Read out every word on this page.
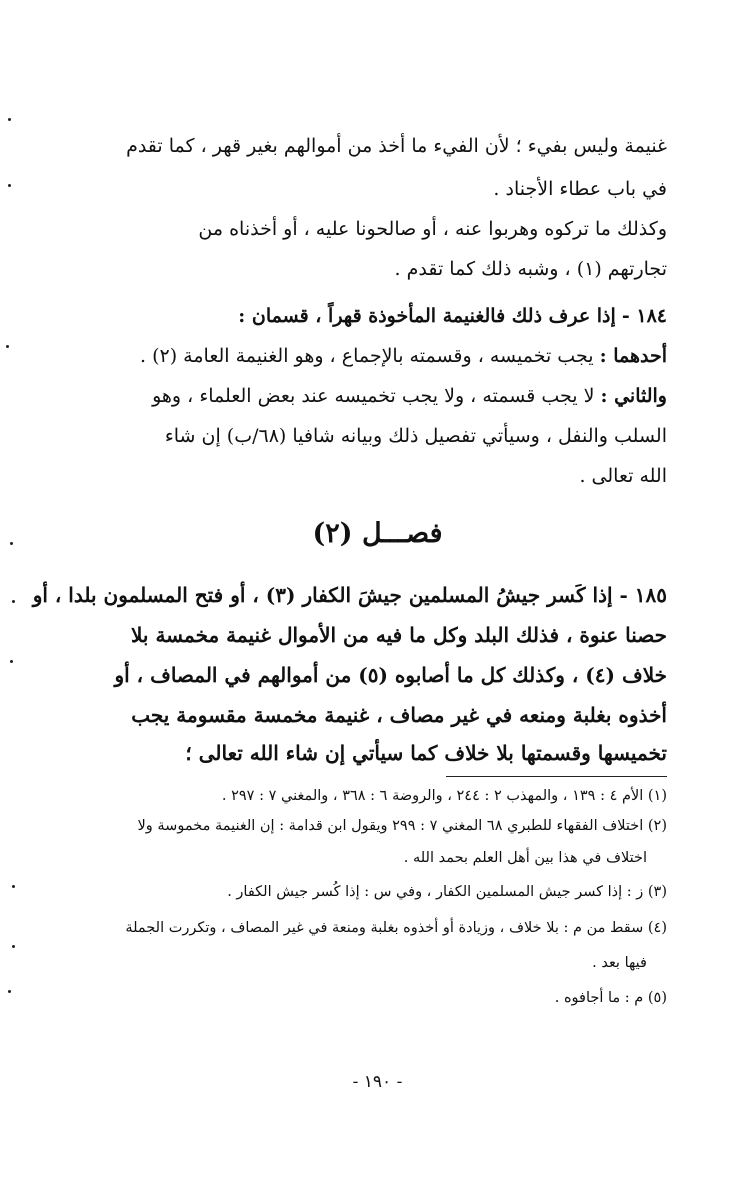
غنيمة وليس بفيء ؛ لأن الفيء ما أخذ من أموالهم بغير قهر ، كما تقدم
في باب عطاء الأجناد .
وكذلك ما تركوه وهربوا عنه ، أو صالحونا عليه ، أو أخذناه من
تجارتهم (١) ، وشبه ذلك كما تقدم .
١٨٤ - إذا عرف ذلك فالغنيمة المأخوذة قهراً ، قسمان :
أحدهما : يجب تخميسه ، وقسمته بالإجماع ، وهو الغنيمة العامة (٢) .
والثاني : لا يجب قسمته ، ولا يجب تخميسه عند بعض العلماء ، وهو
السلب والنفل ، وسيأتي تفصيل ذلك وبيانه شافيا (٦٨/ب) إن شاء
الله تعالى .
فصـــل (٢)
١٨٥ - إذا كَسر جيشُ المسلمين جيشَ الكفار (٣) ، أو فتح المسلمون بلدا ، أو
حصنا عنوة ، فذلك البلد وكل ما فيه من الأموال غنيمة مخمسة بلا
خلاف (٤) ، وكذلك كل ما أصابوه (٥) من أموالهم في المصاف ، أو
أخذوه بغلبة ومنعه في غير مصاف ، غنيمة مخمسة مقسومة يجب
تخميسها وقسمتها بلا خلاف كما سيأتي إن شاء الله تعالى ؛
(١) الأم ٤ : ١٣٩ ، والمهذب ٢ : ٢٤٤ ، والروضة ٦ : ٣٦٨ ، والمغني ٧ : ٢٩٧ .
(٢) اختلاف الفقهاء للطبري ٦٨ المغني ٧ : ٢٩٩ ويقول ابن قدامة : إن الغنيمة مخموسة ولا
اختلاف في هذا بين أهل العلم بحمد الله .
(٣) ز : إذا كسر جيش المسلمين الكفار ، وفي س : إذا كُسر جيش الكفار .
(٤) سقط من م : بلا خلاف ، وزيادة أو أخذوه بغلبة ومنعة في غير المصاف ، وتكررت الجملة
فيها بعد .
(٥) م : ما أجافوه .
- ١٩٠ -
